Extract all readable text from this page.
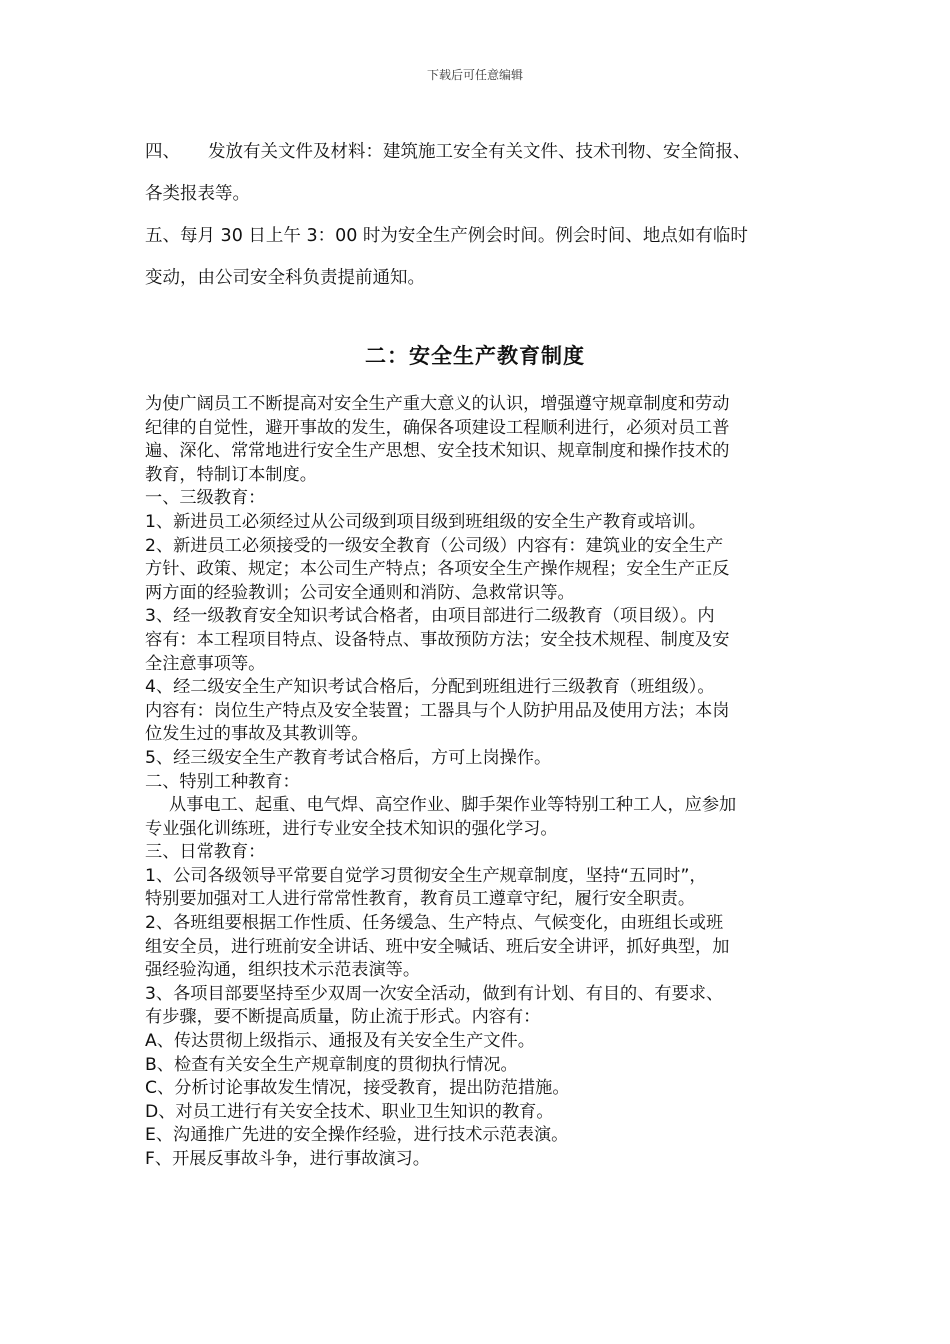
下载后可任意编辑
四、 发放有关文件及材料：建筑施工安全有关文件、技术刊物、安全简报、
各类报表等。
五、每月 30 日上午 3：00 时为安全生产例会时间。例会时间、地点如有临时
变动，由公司安全科负责提前通知。
二：安全生产教育制度
为使广阔员工不断提高对安全生产重大意义的认识，增强遵守规章制度和劳动
纪律的自觉性，避开事故的发生，确保各项建设工程顺利进行，必须对员工普
遍、深化、常常地进行安全生产思想、安全技术知识、规章制度和操作技术的
教育，特制订本制度。
一、三级教育：
1、新进员工必须经过从公司级到项目级到班组级的安全生产教育或培训。
2、新进员工必须接受的一级安全教育（公司级）内容有：建筑业的安全生产
方针、政策、规定；本公司生产特点；各项安全生产操作规程；安全生产正反
两方面的经验教训；公司安全通则和消防、急救常识等。
3、经一级教育安全知识考试合格者，由项目部进行二级教育（项目级）。内
容有：本工程项目特点、设备特点、事故预防方法；安全技术规程、制度及安
全注意事项等。
4、经二级安全生产知识考试合格后，分配到班组进行三级教育（班组级）。
内容有：岗位生产特点及安全装置；工器具与个人防护用品及使用方法；本岗
位发生过的事故及其教训等。
5、经三级安全生产教育考试合格后，方可上岗操作。
二、特别工种教育：
从事电工、起重、电气焊、高空作业、脚手架作业等特别工种工人，应参加
专业强化训练班，进行专业安全技术知识的强化学习。
三、日常教育：
1、公司各级领导平常要自觉学习贯彻安全生产规章制度，坚持“五同时”，
特别要加强对工人进行常常性教育，教育员工遵章守纪，履行安全职责。
2、各班组要根据工作性质、任务缓急、生产特点、气候变化，由班组长或班
组安全员，进行班前安全讲话、班中安全喊话、班后安全讲评，抓好典型，加
强经验沟通，组织技术示范表演等。
3、各项目部要坚持至少双周一次安全活动，做到有计划、有目的、有要求、
有步骤，要不断提高质量，防止流于形式。内容有：
A、传达贯彻上级指示、通报及有关安全生产文件。
B、检查有关安全生产规章制度的贯彻执行情况。
C、分析讨论事故发生情况，接受教育，提出防范措施。
D、对员工进行有关安全技术、职业卫生知识的教育。
E、沟通推广先进的安全操作经验，进行技术示范表演。
F、开展反事故斗争，进行事故演习。
